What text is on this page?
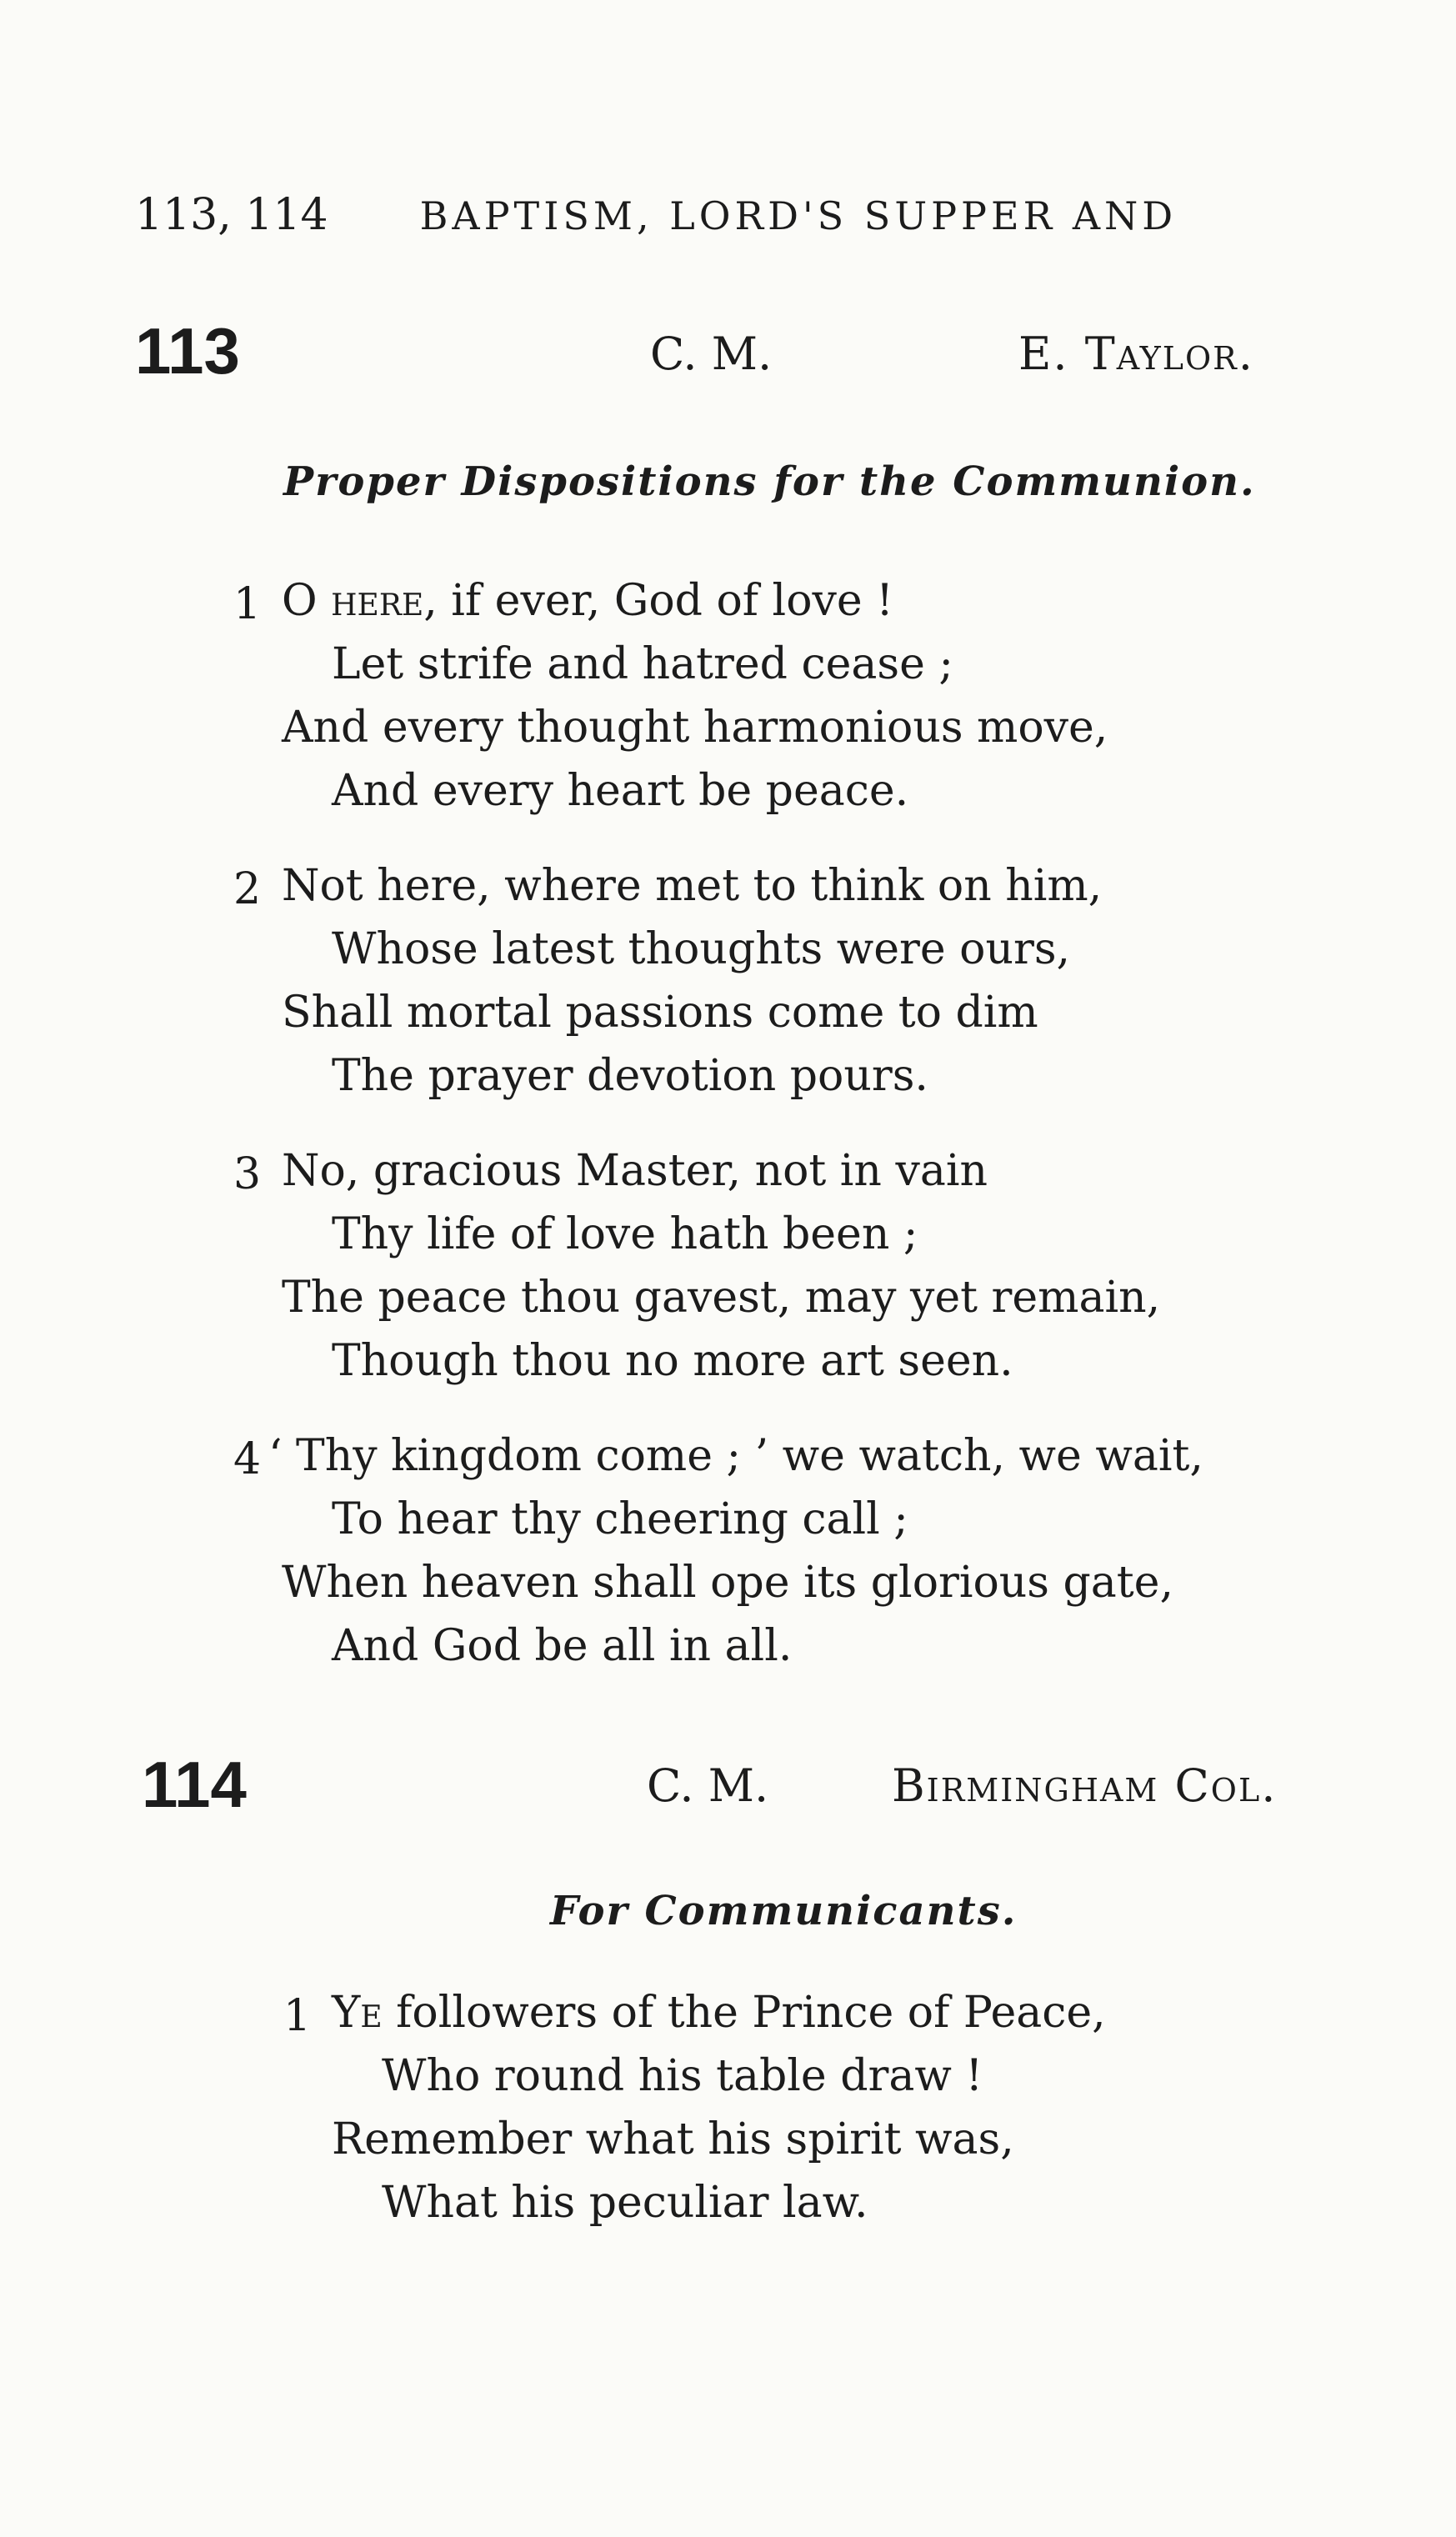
113, 114 BAPTISM, LORD'S SUPPER AND
113	C. M.	E. Taylor.
Proper Dispositions for the Communion.
1 O here, if ever, God of love !
Let strife and hatred cease ;
And every thought harmonious move,
And every heart be peace.
2 Not here, where met to think on him,
Whose latest thoughts were ours,
Shall mortal passions come to dim
The prayer devotion pours.
3 No, gracious Master, not in vain
Thy life of love hath been ;
The peace thou gavest, may yet remain,
Though thou no more art seen.
4 ‘ Thy kingdom come ; ’ we watch, we wait,
To hear thy cheering call ;
When heaven shall ope its glorious gate,
And God be all in all.
114	C. M.	Birmingham Col.
For Communicants.
1 Ye followers of the Prince of Peace,
Who round his table draw !
Remember what his spirit was,
What his peculiar law.
